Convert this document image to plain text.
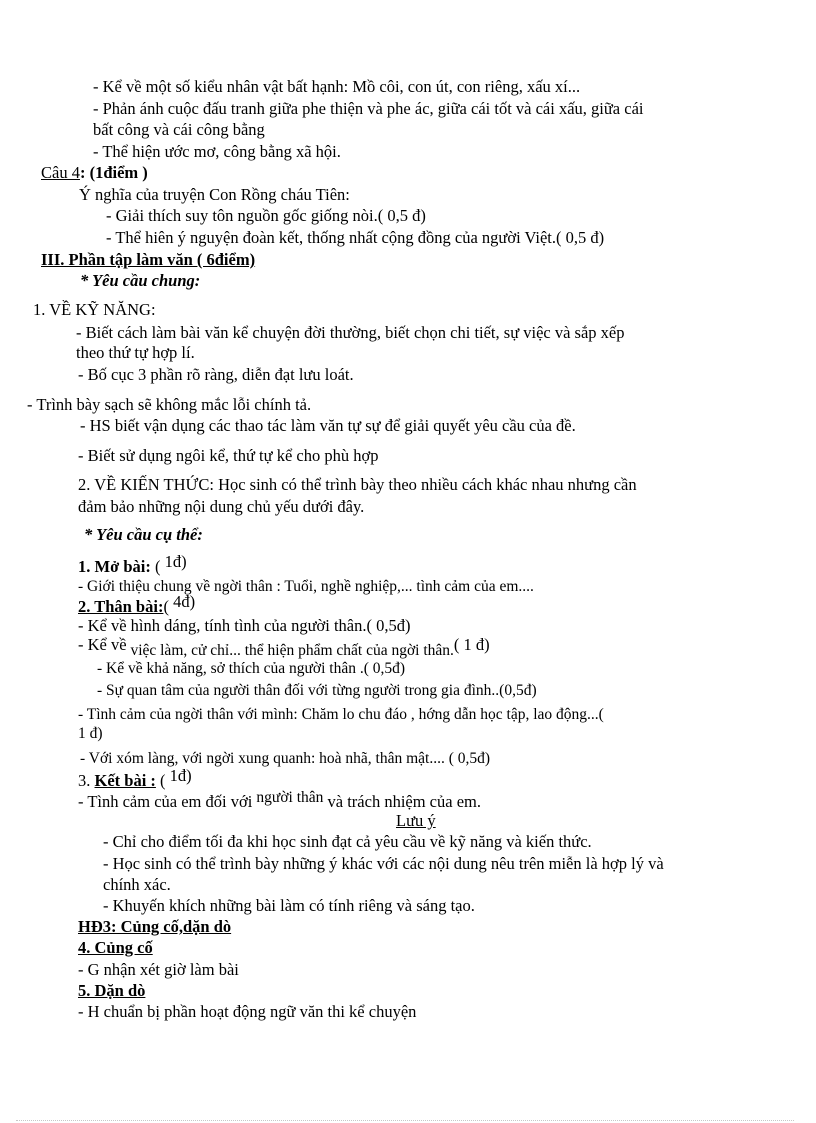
- Kể về một số kiểu nhân vật bất hạnh: Mồ côi, con út, con riêng, xấu xí...
- Phản ánh cuộc đấu tranh giữa phe thiện và phe ác, giữa cái tốt và cái xấu, giữa cái
bất công và cái công bằng
- Thể hiện ước mơ, công bằng xã hội.
Câu 4: (1điểm )
Ý nghĩa của truyện Con Rồng cháu Tiên:
- Giải thích suy tôn nguồn gốc giống nòi.( 0,5 đ)
- Thể hiên ý nguyện đoàn kết, thống nhất cộng đồng của người Việt.( 0,5 đ)
III. Phần tập làm văn ( 6điểm)
* Yêu cầu chung:
1. VỀ KỸ NĂNG:
- Biết cách làm bài văn kể chuyện đời thường, biết chọn chi tiết, sự việc và sắp xếp
theo thứ tự hợp lí.
- Bố cục 3 phần rõ ràng, diễn đạt lưu loát.
- Trình bày sạch sẽ không mắc lỗi chính tả.
- HS biết vận dụng các thao tác làm văn tự sự để giải quyết yêu cầu của đề.
- Biết sử dụng ngôi kể, thứ tự kể cho phù hợp
2. VỀ KIẾN THỨC: Học sinh có thể trình bày theo nhiều cách khác nhau nhưng cần
đảm bảo những nội dung chủ yếu dưới đây.
* Yêu cầu cụ thể:
1. Mở bài: ( 1đ)
- Giới thiệu chung về ngời thân : Tuổi, nghề nghiệp,... tình cảm của em....
2. Thân bài:( 4đ)
- Kể về hình dáng, tính tình của người thân.( 0,5đ)
- Kể về việc làm, cử chỉ... thể hiện phẩm chất của ngời thân.( 1 đ)
- Kể về khả năng, sở thích của người thân .( 0,5đ)
- Sự quan tâm của người thân đối với từng người trong gia đình..(0,5đ)
- Tình cảm của ngời thân với mình: Chăm lo chu đáo , hớng dẫn học tập, lao động...(
1 đ)
- Với xóm làng, với ngời xung quanh: hoà nhã, thân mật.... ( 0,5đ)
3. Kết bài : ( 1đ)
- Tình cảm của em đối với người thân và trách nhiệm của em.
Lưu ý
- Chỉ cho điểm tối đa khi học sinh đạt cả yêu cầu về kỹ năng và kiến thức.
- Học sinh có thể trình bày những ý khác với các nội dung nêu trên miễn là hợp lý và
chính xác.
- Khuyến khích những bài làm có tính riêng và sáng tạo.
HĐ3: Củng cố,dặn dò
4. Củng cố
- G nhận xét giờ làm bài
5. Dặn dò
- H chuẩn bị phần hoạt động ngữ văn thi kể chuyện
